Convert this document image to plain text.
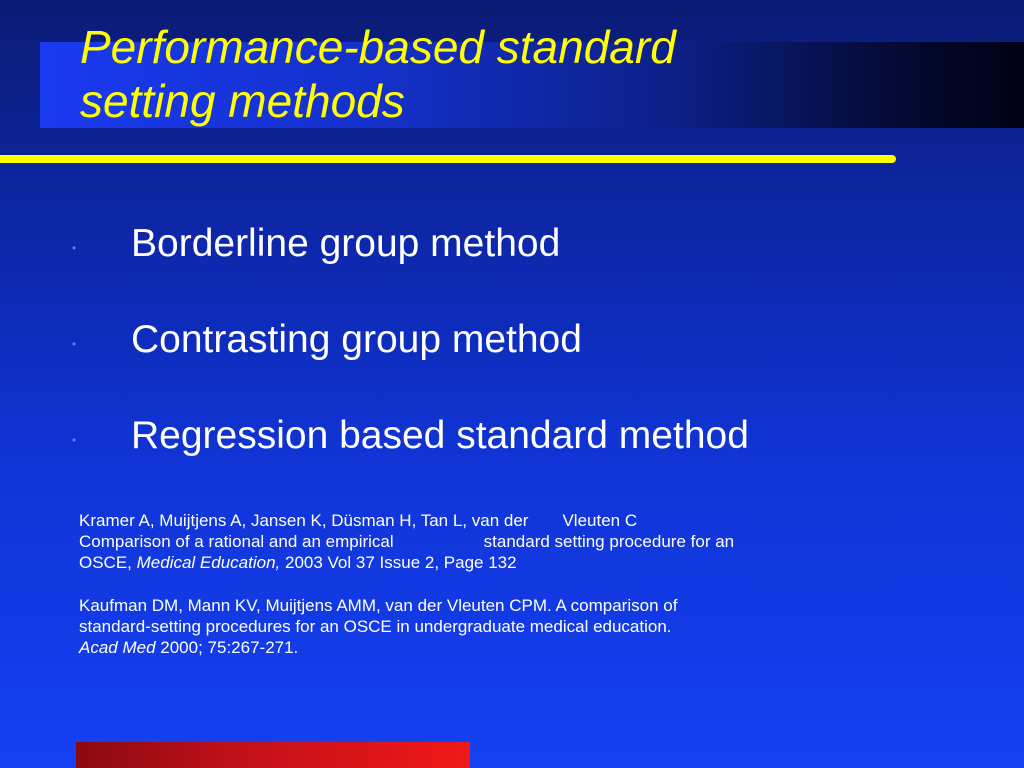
Performance-based standard
setting methods
• Borderline group method
• Contrasting group method
• Regression based standard method

Kramer A, Muijtjens A, Jansen K, Düsman H, Tan L, van der Vleuten C
Comparison of a rational and an empirical	standard setting procedure for an
OSCE, Medical Education, 2003 Vol 37 Issue 2, Page 132

Kaufman DM, Mann KV, Muijtjens AMM, van der Vleuten CPM. A comparison of
standard-setting procedures for an OSCE in undergraduate medical education.
Acad Med 2000; 75:267-271.
